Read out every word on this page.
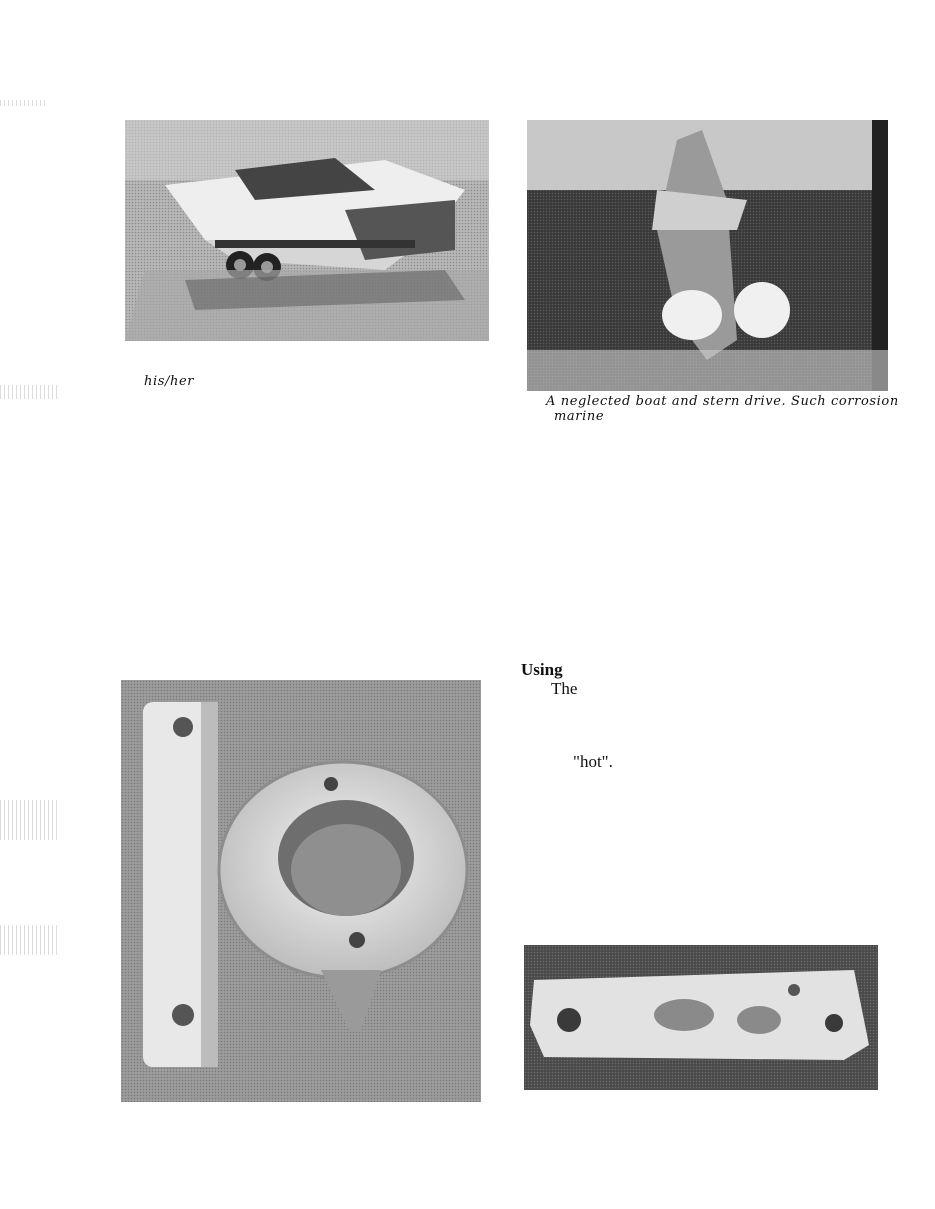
his/her
A neglected boat and stern drive. Such corrosion
marine
Using
The
"hot".
